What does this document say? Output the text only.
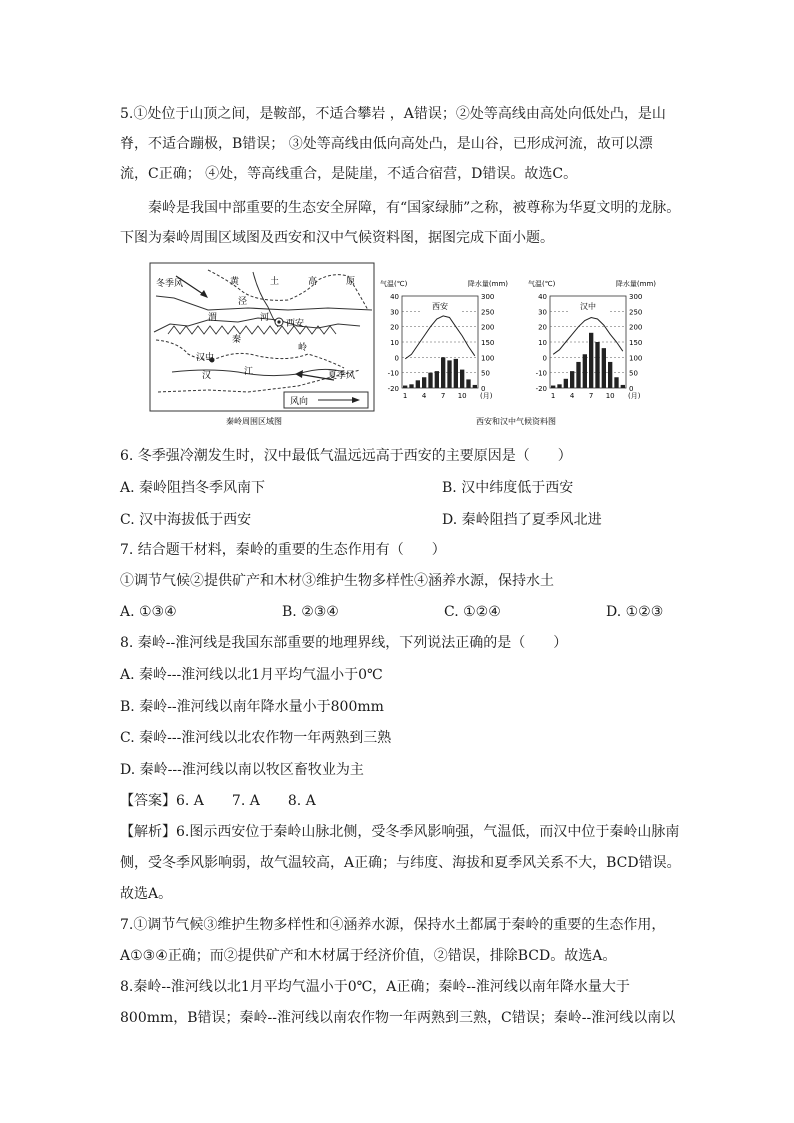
5.①处位于山顶之间，是鞍部，不适合攀岩 ，A错误；②处等高线由高处向低处凸，是山
脊，不适合蹦极，B错误； ③处等高线由低向高处凸，是山谷，已形成河流，故可以漂
流，C正确； ④处，等高线重合，是陡崖，不适合宿营，D错误。故选C。
秦岭是我国中部重要的生态安全屏障，有“国家绿肺”之称，被尊称为华夏文明的龙脉。
下图为秦岭周围区域图及西安和汉中气候资料图，据图完成下面小题。
冬季风	黄	土	高	原
泾
河
渭
西安
秦
岭
汉中
汉	江	夏季风
风向
秦岭周围区域图
气温(℃)	降水量(mm)
40
30
20
10
0
-10
-20
300
250
200
150
100
50
0
西安
1 4 7 10 (月)
气温(℃)	降水量(mm)
40
30
20
10
0
-10
-20
300
250
200
150
100
50
0
汉中
1 4 7 10 (月)
西安和汉中气候资料图
6. 冬季强冷潮发生时，汉中最低气温远远高于西安的主要原因是（　　）
A. 秦岭阻挡冬季风南下	B. 汉中纬度低于西安
C. 汉中海拔低于西安	D. 秦岭阻挡了夏季风北进
7. 结合题干材料，秦岭的重要的生态作用有（　　）
①调节气候②提供矿产和木材③维护生物多样性④涵养水源，保持水土
A. ①③④	B. ②③④	C. ①②④	D. ①②③
8. 秦岭--淮河线是我国东部重要的地理界线，下列说法正确的是（　　）
A. 秦岭---淮河线以北1月平均气温小于0℃
B. 秦岭--淮河线以南年降水量小于800mm
C. 秦岭---淮河线以北农作物一年两熟到三熟
D. 秦岭---淮河线以南以牧区畜牧业为主
【答案】6. A　　7. A　　8. A
【解析】6.图示西安位于秦岭山脉北侧，受冬季风影响强，气温低，而汉中位于秦岭山脉南
侧，受冬季风影响弱，故气温较高，A正确；与纬度、海拔和夏季风关系不大，BCD错误。
故选A。
7.①调节气候③维护生物多样性和④涵养水源，保持水土都属于秦岭的重要的生态作用，
A①③④正确；而②提供矿产和木材属于经济价值，②错误，排除BCD。故选A。
8.秦岭--淮河线以北1月平均气温小于0℃，A正确；秦岭--淮河线以南年降水量大于
800mm，B错误；秦岭--淮河线以南农作物一年两熟到三熟，C错误；秦岭--淮河线以南以
